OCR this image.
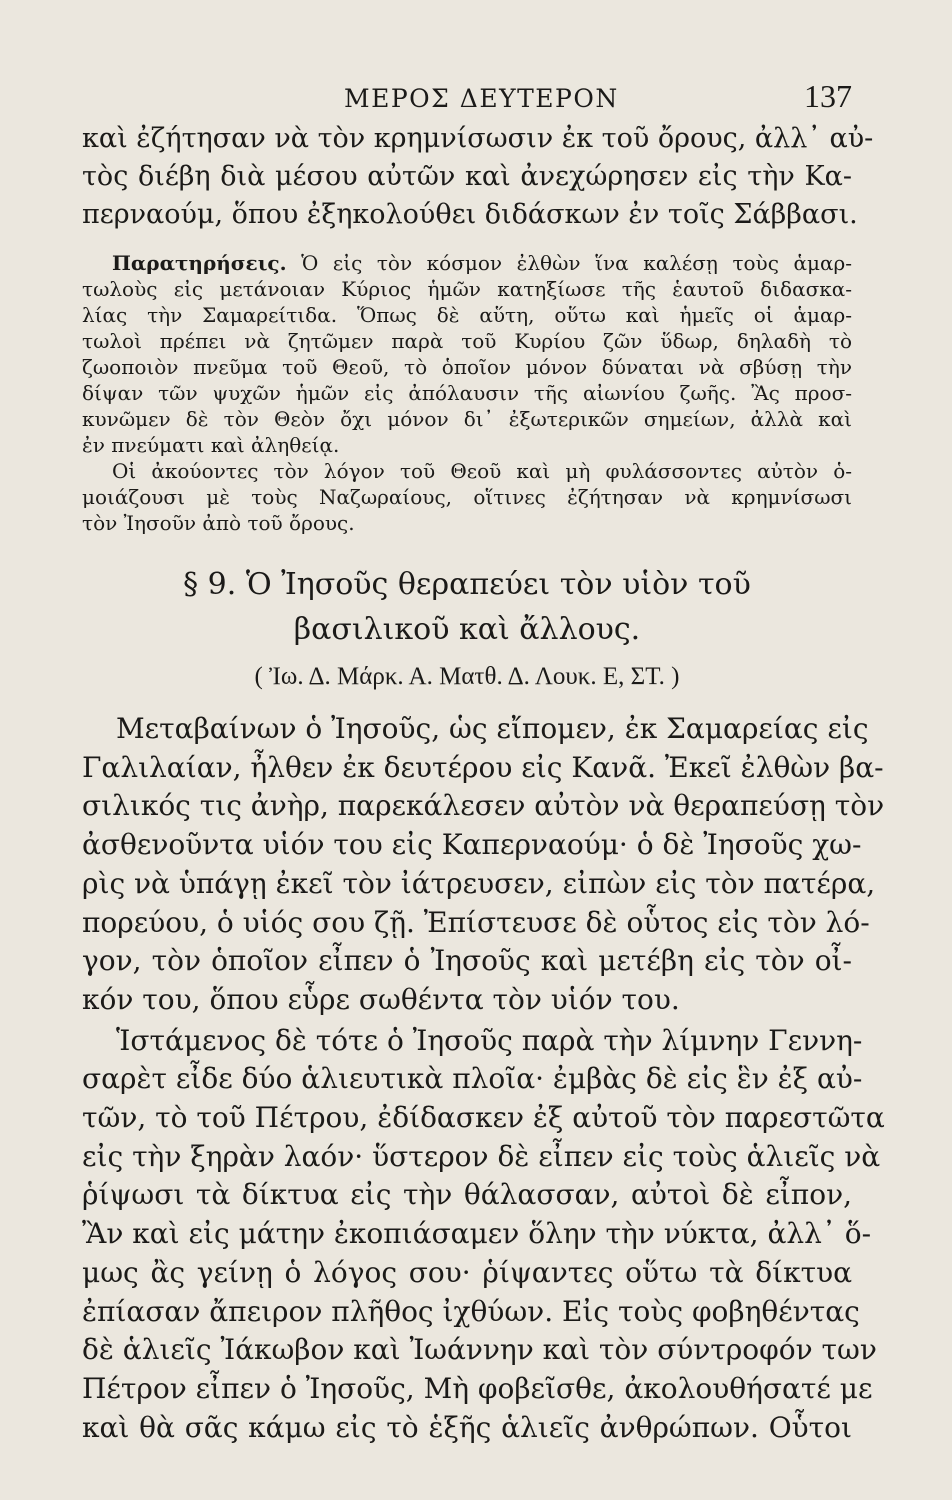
ΜΕΡΟΣ ΔΕΥΤΕΡΟΝ	137

καὶ ἐζήτησαν νὰ τὸν κρημνίσωσιν ἐκ τοῦ ὄρους, ἀλλ᾽ αὐ-
τὸς διέβη διὰ μέσου αὐτῶν καὶ ἀνεχώρησεν εἰς τὴν Κα-
περναούμ, ὅπου ἐξηκολούθει διδάσκων ἐν τοῖς Σάββασι.

Παρατηρήσεις. Ὁ εἰς τὸν κόσμον ἐλθὼν ἵνα καλέσῃ τοὺς ἁμαρ-
τωλοὺς εἰς μετάνοιαν Κύριος ἡμῶν κατηξίωσε τῆς ἑαυτοῦ διδασκα-
λίας τὴν Σαμαρείτιδα. Ὅπως δὲ αὕτη, οὕτω καὶ ἡμεῖς οἱ ἁμαρ-
τωλοὶ πρέπει νὰ ζητῶμεν παρὰ τοῦ Κυρίου ζῶν ὕδωρ, δηλαδὴ τὸ
ζωοποιὸν πνεῦμα τοῦ Θεοῦ, τὸ ὁποῖον μόνον δύναται νὰ σβύσῃ τὴν
δίψαν τῶν ψυχῶν ἡμῶν εἰς ἀπόλαυσιν τῆς αἰωνίου ζωῆς. Ἂς προσ-
κυνῶμεν δὲ τὸν Θεὸν ὄχι μόνον δι᾽ ἐξωτερικῶν σημείων, ἀλλὰ καὶ
ἐν πνεύματι καὶ ἀληθείᾳ.

Οἱ ἀκούοντες τὸν λόγον τοῦ Θεοῦ καὶ μὴ φυλάσσοντες αὐτὸν ὁ-
μοιάζουσι μὲ τοὺς Ναζωραίους, οἵτινες ἐζήτησαν νὰ κρημνίσωσι
τὸν Ἰησοῦν ἀπὸ τοῦ ὄρους.

§ 9. Ὁ Ἰησοῦς θεραπεύει τὸν υἱὸν τοῦ
βασιλικοῦ καὶ ἄλλους.
( Ἰω. Δ. Μάρκ. Α. Ματθ. Δ. Λουκ. Ε, ΣΤ. )

Μεταβαίνων ὁ Ἰησοῦς, ὡς εἴπομεν, ἐκ Σαμαρείας εἰς
Γαλιλαίαν, ἦλθεν ἐκ δευτέρου εἰς Κανᾶ. Ἐκεῖ ἐλθὼν βα-
σιλικός τις ἀνὴρ, παρεκάλεσεν αὐτὸν νὰ θεραπεύσῃ τὸν
ἀσθενοῦντα υἱόν του εἰς Καπερναούμ· ὁ δὲ Ἰησοῦς χω-
ρὶς νὰ ὑπάγῃ ἐκεῖ τὸν ἰάτρευσεν, εἰπὼν εἰς τὸν πατέρα,
πορεύου, ὁ υἱός σου ζῇ. Ἐπίστευσε δὲ οὗτος εἰς τὸν λό-
γον, τὸν ὁποῖον εἶπεν ὁ Ἰησοῦς καὶ μετέβη εἰς τὸν οἶ-
κόν του, ὅπου εὗρε σωθέντα τὸν υἱόν του.

Ἱστάμενος δὲ τότε ὁ Ἰησοῦς παρὰ τὴν λίμνην Γεννη-
σαρὲτ εἶδε δύο ἁλιευτικὰ πλοῖα· ἐμβὰς δὲ εἰς ἓν ἐξ αὐ-
τῶν, τὸ τοῦ Πέτρου, ἐδίδασκεν ἐξ αὐτοῦ τὸν παρεστῶτα
εἰς τὴν ξηρὰν λαόν· ὕστερον δὲ εἶπεν εἰς τοὺς ἁλιεῖς νὰ
ῥίψωσι τὰ δίκτυα εἰς τὴν θάλασσαν, αὐτοὶ δὲ εἶπον,
Ἂν καὶ εἰς μάτην ἐκοπιάσαμεν ὅλην τὴν νύκτα, ἀλλ᾽ ὅ-
μως ἂς γείνῃ ὁ λόγος σου· ῥίψαντες οὕτω τὰ δίκτυα
ἐπίασαν ἄπειρον πλῆθος ἰχθύων. Εἰς τοὺς φοβηθέντας
δὲ ἁλιεῖς Ἰάκωβον καὶ Ἰωάννην καὶ τὸν σύντροφόν των
Πέτρον εἶπεν ὁ Ἰησοῦς, Μὴ φοβεῖσθε, ἀκολουθήσατέ με
καὶ θὰ σᾶς κάμω εἰς τὸ ἑξῆς ἁλιεῖς ἀνθρώπων. Οὗτοι
